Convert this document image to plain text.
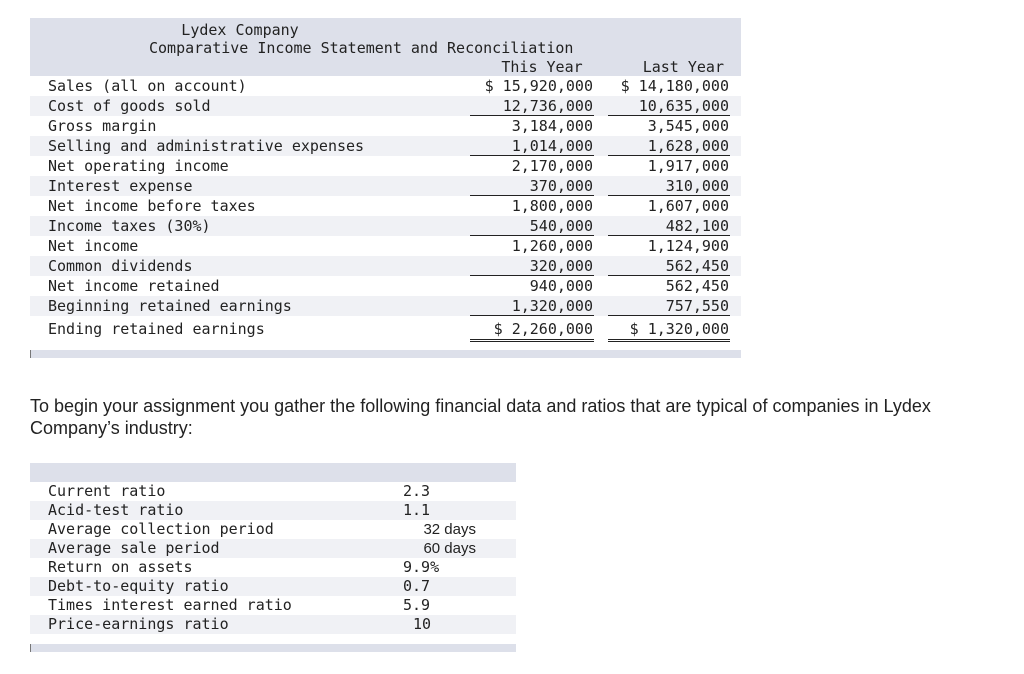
Lydex Company
Comparative Income Statement and Reconciliation
This Year	Last Year
Sales (all on account)	$ 15,920,000	$ 14,180,000
Cost of goods sold	12,736,000	10,635,000
Gross margin	3,184,000	3,545,000
Selling and administrative expenses	1,014,000	1,628,000
Net operating income	2,170,000	1,917,000
Interest expense	370,000	310,000
Net income before taxes	1,800,000	1,607,000
Income taxes (30%)	540,000	482,100
Net income	1,260,000	1,124,900
Common dividends	320,000	562,450
Net income retained	940,000	562,450
Beginning retained earnings	1,320,000	757,550
Ending retained earnings	$ 2,260,000	$ 1,320,000
To begin your assignment you gather the following financial data and ratios that are typical of companies in Lydex Company’s industry:
Current ratio	2.3
Acid-test ratio	1.1
Average collection period	32 days
Average sale period	60 days
Return on assets	9.9%
Debt-to-equity ratio	0.7
Times interest earned ratio	5.9
Price-earnings ratio	10
